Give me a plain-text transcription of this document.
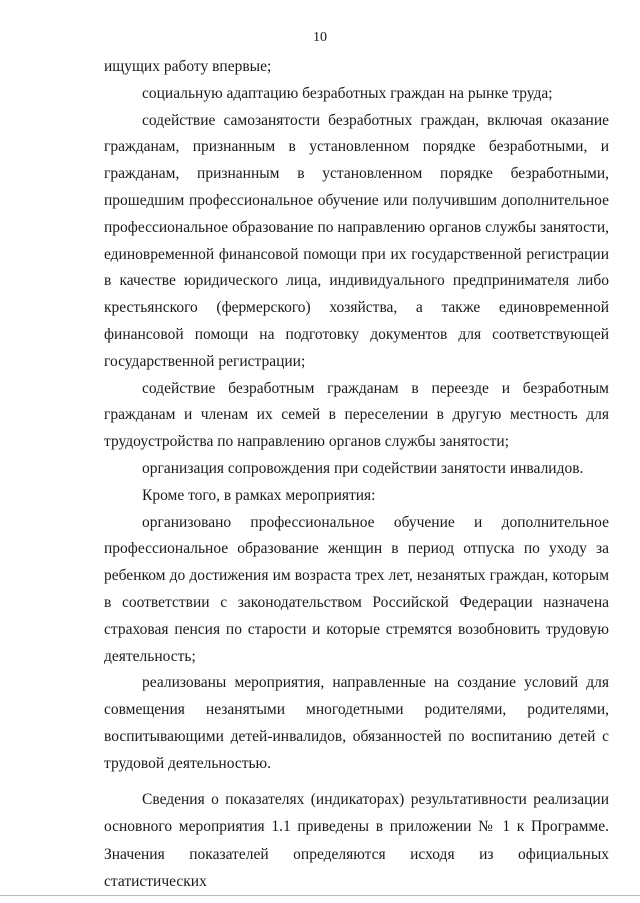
10

ищущих работу впервые;

социальную адаптацию безработных граждан на рынке труда;

содействие самозанятости безработных граждан, включая оказание гражданам, признанным в установленном порядке безработными, и гражданам, признанным в установленном порядке безработными, прошедшим профессиональное обучение или получившим дополнительное профессиональное образование по направлению органов службы занятости, единовременной финансовой помощи при их государственной регистрации в качестве юридического лица, индивидуального предпринимателя либо крестьянского (фермерского) хозяйства, а также единовременной финансовой помощи на подготовку документов для соответствующей государственной регистрации;

содействие безработным гражданам в переезде и безработным гражданам и членам их семей в переселении в другую местность для трудоустройства по направлению органов службы занятости;

организация сопровождения при содействии занятости инвалидов.

Кроме того, в рамках мероприятия:

организовано профессиональное обучение и дополнительное профессиональное образование женщин в период отпуска по уходу за ребенком до достижения им возраста трех лет, незанятых граждан, которым в соответствии с законодательством Российской Федерации назначена страховая пенсия по старости и которые стремятся возобновить трудовую деятельность;

реализованы мероприятия, направленные на создание условий для совмещения незанятыми многодетными родителями, родителями, воспитывающими детей-инвалидов, обязанностей по воспитанию детей с трудовой деятельностью.

Сведения о показателях (индикаторах) результативности реализации основного мероприятия 1.1 приведены в приложении № 1 к Программе. Значения показателей определяются исходя из официальных статистических
